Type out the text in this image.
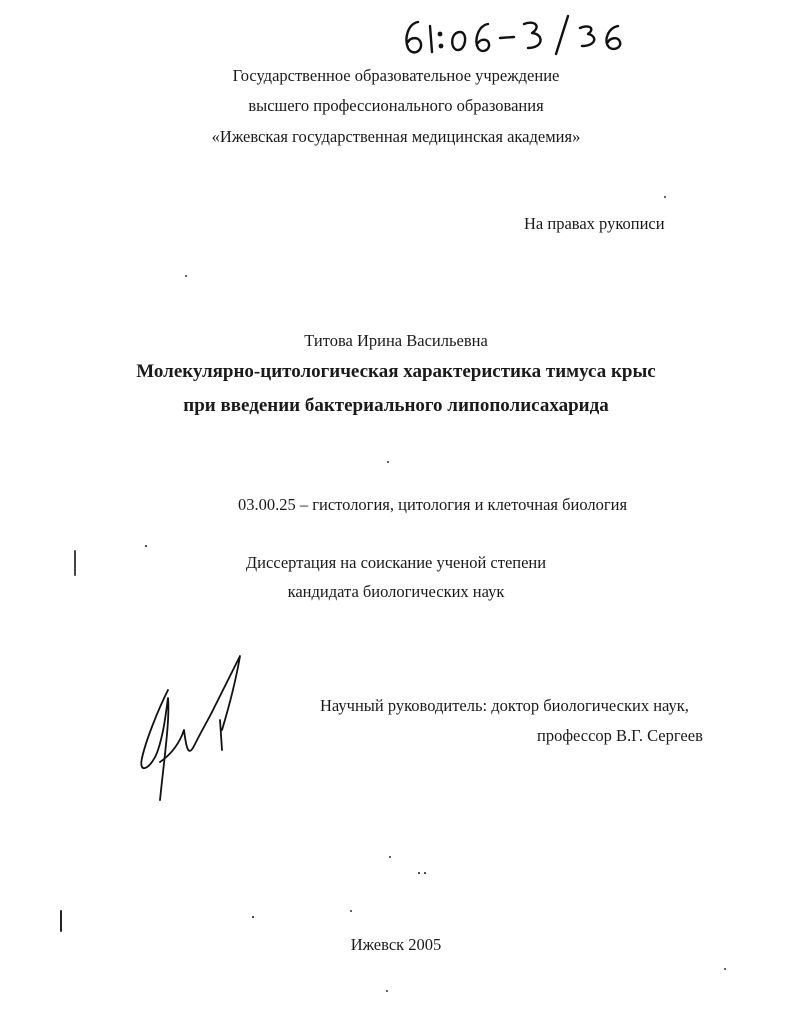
Государственное образовательное учреждение
высшего профессионального образования
«Ижевская государственная медицинская академия»
На правах рукописи
Титова Ирина Васильевна
Молекулярно-цитологическая характеристика тимуса крыс
при введении бактериального липополисахарида
03.00.25 – гистология, цитология и клеточная биология
Диссертация на соискание ученой степени
кандидата биологических наук
Научный руководитель: доктор биологических наук,
профессор В.Г. Сергеев
Ижевск 2005
